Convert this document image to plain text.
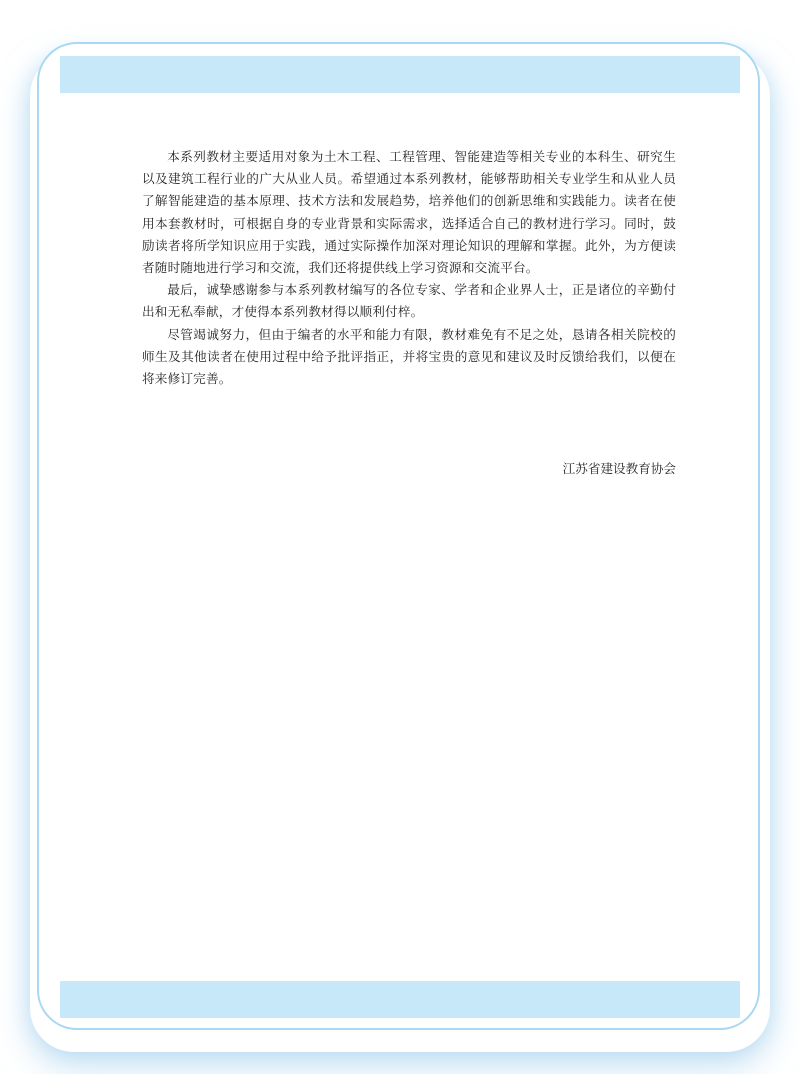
本系列教材主要适用对象为土木工程、工程管理、智能建造等相关专业的本科生、研究生以及建筑工程行业的广大从业人员。希望通过本系列教材，能够帮助相关专业学生和从业人员了解智能建造的基本原理、技术方法和发展趋势，培养他们的创新思维和实践能力。读者在使用本套教材时，可根据自身的专业背景和实际需求，选择适合自己的教材进行学习。同时，鼓励读者将所学知识应用于实践，通过实际操作加深对理论知识的理解和掌握。此外，为方便读者随时随地进行学习和交流，我们还将提供线上学习资源和交流平台。

最后，诚挚感谢参与本系列教材编写的各位专家、学者和企业界人士，正是诸位的辛勤付出和无私奉献，才使得本系列教材得以顺利付梓。

尽管竭诚努力，但由于编者的水平和能力有限，教材难免有不足之处，恳请各相关院校的师生及其他读者在使用过程中给予批评指正，并将宝贵的意见和建议及时反馈给我们，以便在将来修订完善。

江苏省建设教育协会
